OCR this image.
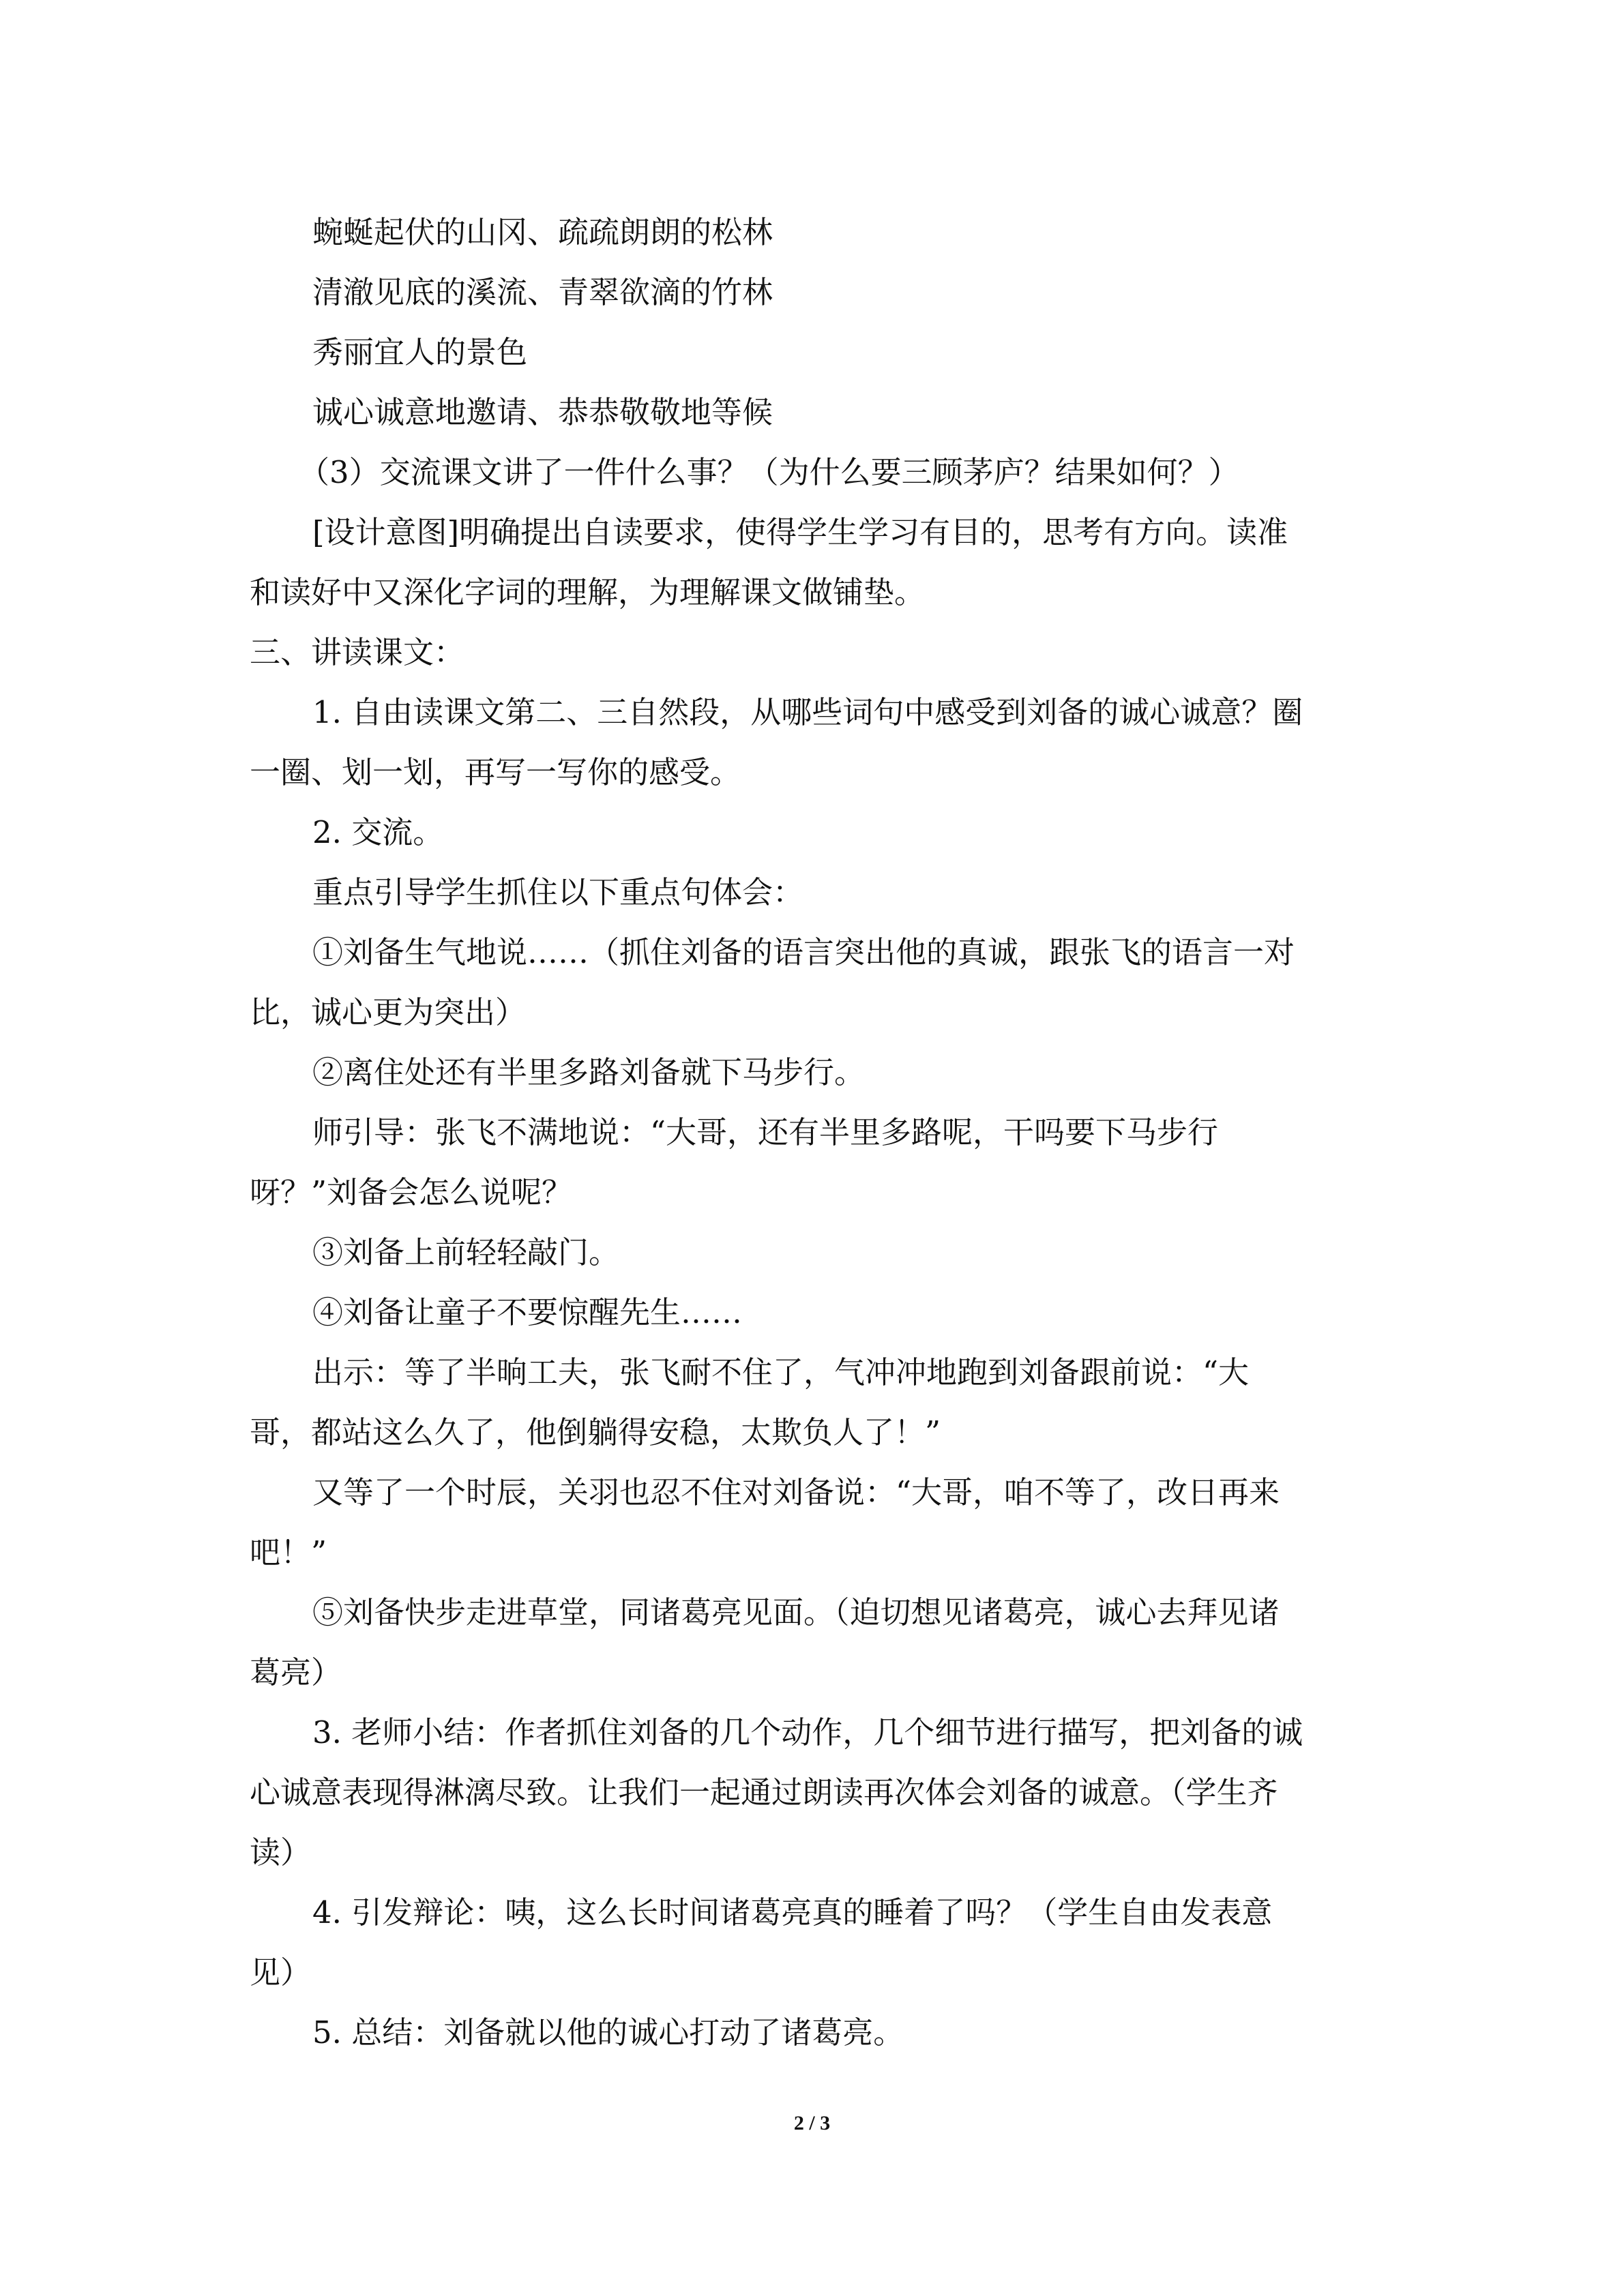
蜿蜒起伏的山冈、疏疏朗朗的松林
清澈见底的溪流、青翠欲滴的竹林
秀丽宜人的景色
诚心诚意地邀请、恭恭敬敬地等候
（3）交流课文讲了一件什么事？（为什么要三顾茅庐？结果如何？）
[设计意图]明确提出自读要求，使得学生学习有目的，思考有方向。读准
和读好中又深化字词的理解，为理解课文做铺垫。
三、讲读课文：
1. 自由读课文第二、三自然段，从哪些词句中感受到刘备的诚心诚意？圈
一圈、划一划，再写一写你的感受。
2. 交流。
重点引导学生抓住以下重点句体会：
①刘备生气地说……（抓住刘备的语言突出他的真诚，跟张飞的语言一对
比，诚心更为突出）
②离住处还有半里多路刘备就下马步行。
师引导：张飞不满地说：“大哥，还有半里多路呢，干吗要下马步行
呀？”刘备会怎么说呢？
③刘备上前轻轻敲门。
④刘备让童子不要惊醒先生……
出示：等了半晌工夫，张飞耐不住了，气冲冲地跑到刘备跟前说：“大
哥，都站这么久了，他倒躺得安稳，太欺负人了！”
又等了一个时辰，关羽也忍不住对刘备说：“大哥，咱不等了，改日再来
吧！”
⑤刘备快步走进草堂，同诸葛亮见面。（迫切想见诸葛亮，诚心去拜见诸
葛亮）
3. 老师小结：作者抓住刘备的几个动作，几个细节进行描写，把刘备的诚
心诚意表现得淋漓尽致。让我们一起通过朗读再次体会刘备的诚意。（学生齐
读）
4. 引发辩论：咦，这么长时间诸葛亮真的睡着了吗？（学生自由发表意
见）
5. 总结：刘备就以他的诚心打动了诸葛亮。
2 / 3
